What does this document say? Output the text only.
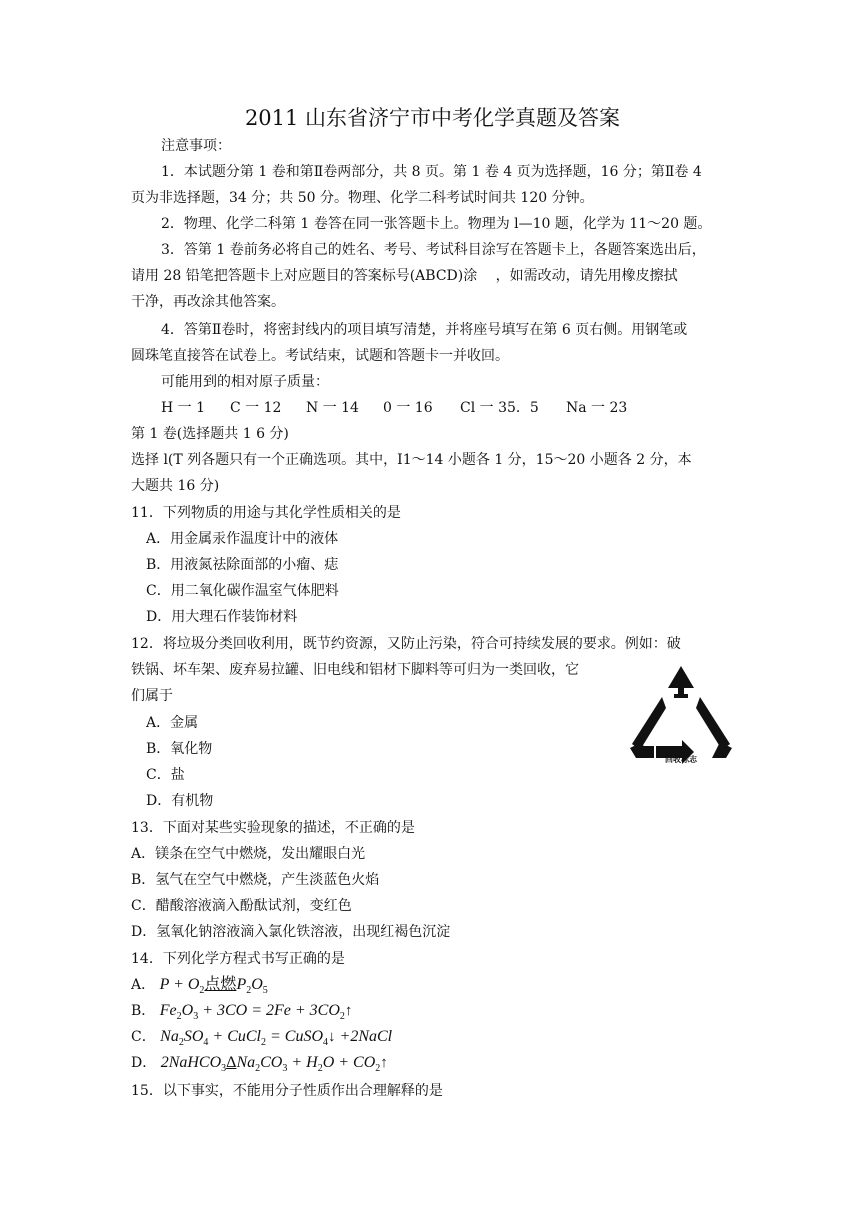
2011 山东省济宁市中考化学真题及答案
注意事项：
1．本试题分第 1 卷和第Ⅱ卷两部分，共 8 页。第 1 卷 4 页为选择题，16 分；第Ⅱ卷 4
页为非选择题，34 分；共 50 分。物理、化学二科考试时间共 120 分钟。
2．物理、化学二科第 1 卷答在同一张答题卡上。物理为 l—10 题，化学为 11～20 题。
3．答第 1 卷前务必将自己的姓名、考号、考试科目涂写在答题卡上，各题答案选出后，
请用 28 铅笔把答题卡上对应题目的答案标号(ABCD)涂 　，如需改动，请先用橡皮擦拭
干净，再改涂其他答案。
4．答第Ⅱ卷时，将密封线内的项目填写清楚，并将座号填写在第 6 页右侧。用钢笔或
圆珠笔直接答在试卷上。考试结束，试题和答题卡一并收回。
可能用到的相对原子质量：
H 一 1 C 一 12 N 一 14 0 一 16 Cl 一 35．5 Na 一 23
第 1 卷(选择题共 1 6 分)
选择 l(T 列各题只有一个正确选项。其中，I1～14 小题各 1 分，15～20 小题各 2 分，本
大题共 16 分)
11．下列物质的用途与其化学性质相关的是
A．用金属汞作温度计中的液体
B．用液氮祛除面部的小瘤、痣
C．用二氧化碳作温室气体肥料
D．用大理石作装饰材料
12．将垃圾分类回收利用，既节约资源，又防止污染，符合可持续发展的要求。例如：破
铁锅、坏车架、废弃易拉罐、旧电线和铝材下脚料等可归为一类回收，它
们属于
A．金属
B．氧化物
C．盐
D．有机物
回收标志
13．下面对某些实验现象的描述，不正确的是
A．镁条在空气中燃烧，发出耀眼白光
B．氢气在空气中燃烧，产生淡蓝色火焰
C．醋酸溶液滴入酚酞试剂，变红色
D．氢氧化钠溶液滴入氯化铁溶液，出现红褐色沉淀
14．下列化学方程式书写正确的是
A． $P + O_2$点燃$P_2O_5$
B． $Fe_2O_3 + 3CO = 2Fe$ + $3CO_2↑$
C． $Na_2SO_4$ + CuCl$_2$ = CuSO$_4$↓ +2NaCl
D． $2NaHCO_3\Delta Na_2CO_3 + H_2O$ + $CO_2↑$
15．以下事实，不能用分子性质作出合理解释的是
